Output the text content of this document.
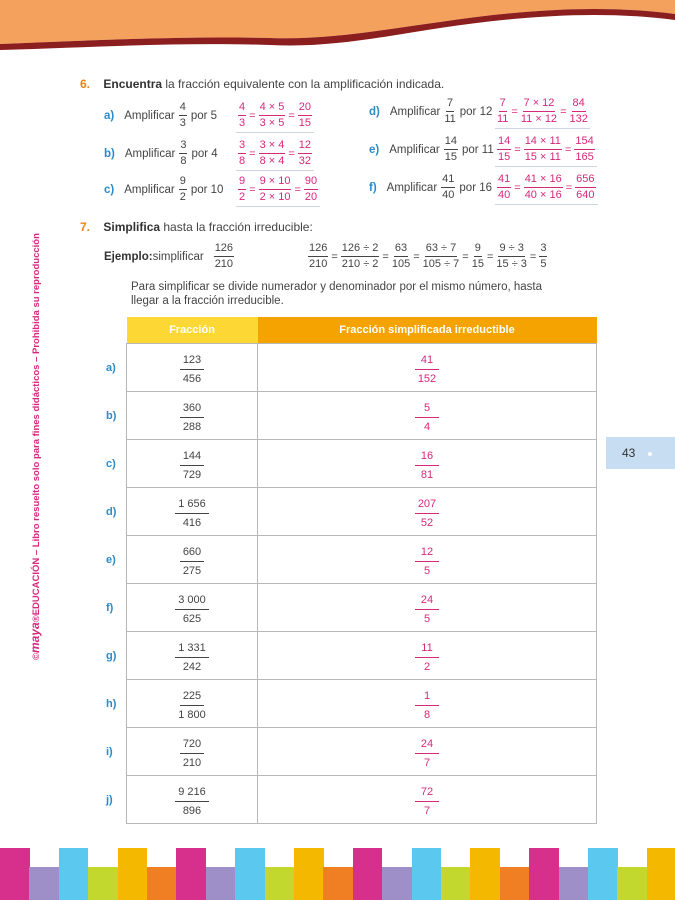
6. Encuentra la fracción equivalente con la amplificación indicada.
a) Amplificar $\frac{4}{3}$ por $5 \frac{4}{3} = \frac{4 \times 5}{3 \times 5} = \frac{20}{15}$
b) Amplificar $\frac{3}{8}$ por $4 \frac{3}{8} = \frac{3 \times 4}{8 \times 4} = \frac{12}{32}$
c) Amplificar $\frac{9}{2}$ por $10 \frac{9}{2} = \frac{9 \times 10}{2 \times 10} = \frac{90}{20}$
d) Amplificar $\frac{7}{11}$ por $12 \frac{7}{11} = \frac{7 \times 12}{11 \times 12} = \frac{84}{132}$
e) Amplificar $\frac{14}{15}$ por $11 \frac{14}{15} = \frac{14 \times 11}{15 \times 11} = \frac{154}{165}$
f) Amplificar $\frac{41}{40}$ por $16 \frac{41}{40} = \frac{41 \times 16}{40 \times 16} = \frac{656}{640}$
7. Simplifica hasta la fracción irreducible:
Ejemplo: simplificar $\frac{126}{210}$	$\frac{126}{210} = \frac{126 \div 2}{210 \div 2} = \frac{63}{105} = \frac{63 \div 7}{105 \div 7} = \frac{9}{15} = \frac{9 \div 3}{15 \div 3} = \frac{3}{5}$
Para simplificar se divide numerador y denominador por el mismo número, hasta llegar a la fracción irreducible.
Fracción	Fracción simplificada irreductible

$\frac{123}{456}$	$\frac{41}{152}$

$\frac{360}{288}$	$\frac{5}{4}$

$\frac{144}{729}$	$\frac{16}{81}$

$\frac{1 656}{416}$	$\frac{207}{52}$

$\frac{660}{275}$	$\frac{12}{5}$

$\frac{3 000}{625}$	$\frac{24}{5}$

$\frac{1 331}{242}$	$\frac{11}{2}$

$\frac{225}{1 800}$	$\frac{1}{8}$

$\frac{720}{210}$	$\frac{24}{7}$

$\frac{9 216}{896}$	$\frac{72}{7}$
a)
b)
c)
d)
e)
f)
g)
h)
i)
j)
43
©maya®EDUCACIÓN – Libro resuelto solo para fines didácticos – Prohibida su reproducción
